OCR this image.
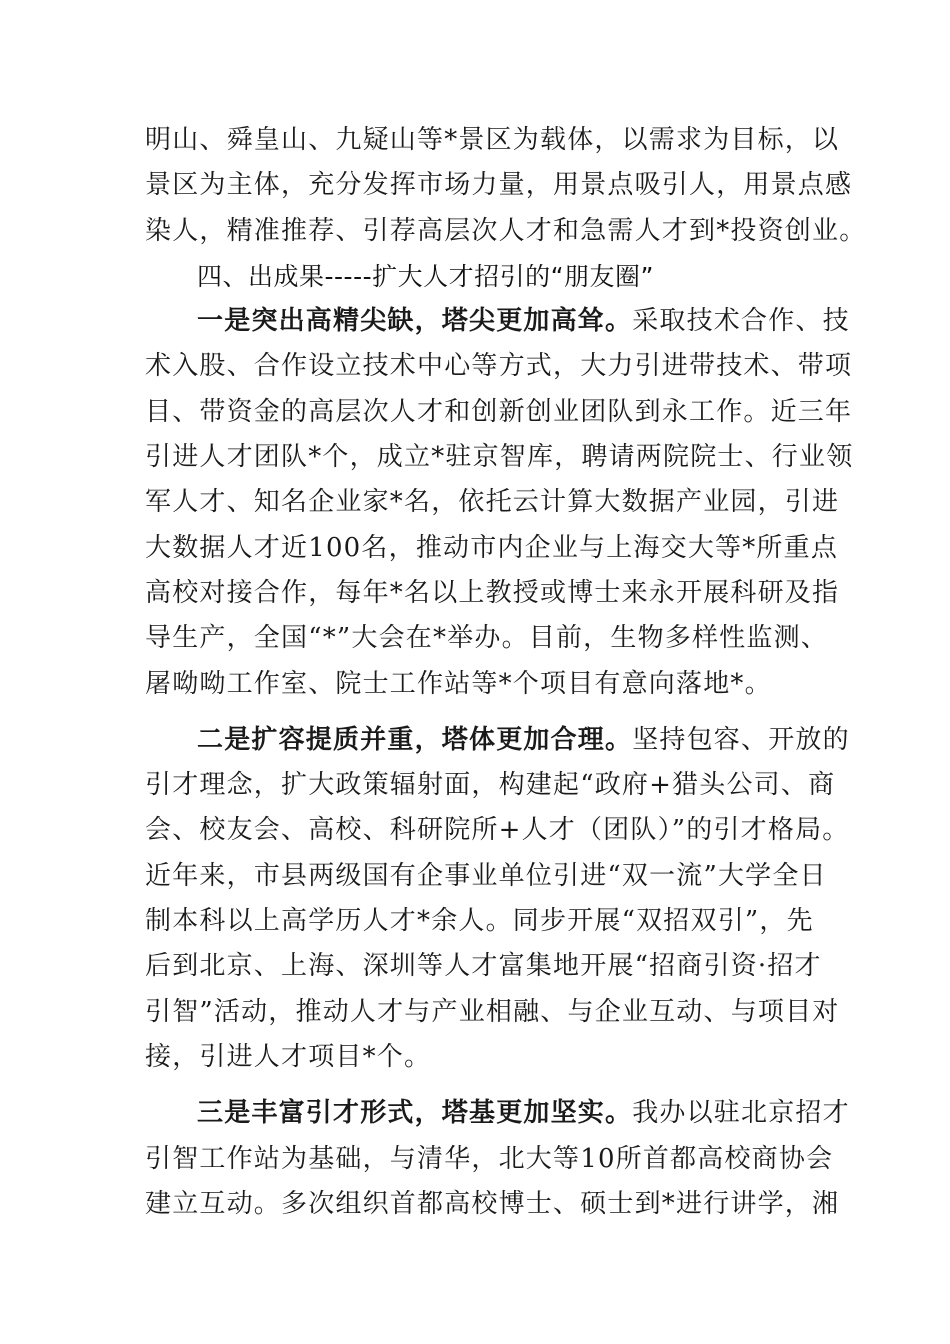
明山、舜皇山、九疑山等*景区为载体，以需求为目标，以
景区为主体，充分发挥市场力量，用景点吸引人，用景点感
染人，精准推荐、引荐高层次人才和急需人才到*投资创业。
四、出成果-----扩大人才招引的“朋友圈”
一是突出高精尖缺，塔尖更加高耸。采取技术合作、技
术入股、合作设立技术中心等方式，大力引进带技术、带项
目、带资金的高层次人才和创新创业团队到永工作。近三年
引进人才团队*个，成立*驻京智库，聘请两院院士、行业领
军人才、知名企业家*名，依托云计算大数据产业园，引进
大数据人才近100名，推动市内企业与上海交大等*所重点
高校对接合作，每年*名以上教授或博士来永开展科研及指
导生产，全国“*”大会在*举办。目前，生物多样性监测、
屠呦呦工作室、院士工作站等*个项目有意向落地*。
二是扩容提质并重，塔体更加合理。坚持包容、开放的
引才理念，扩大政策辐射面，构建起“政府+猎头公司、商
会、校友会、高校、科研院所+人才（团队）”的引才格局。
近年来，市县两级国有企事业单位引进“双一流”大学全日
制本科以上高学历人才*余人。同步开展“双招双引”，先
后到北京、上海、深圳等人才富集地开展“招商引资·招才
引智”活动，推动人才与产业相融、与企业互动、与项目对
接，引进人才项目*个。
三是丰富引才形式，塔基更加坚实。我办以驻北京招才
引智工作站为基础，与清华，北大等10所首都高校商协会
建立互动。多次组织首都高校博士、硕士到*进行讲学，湘
